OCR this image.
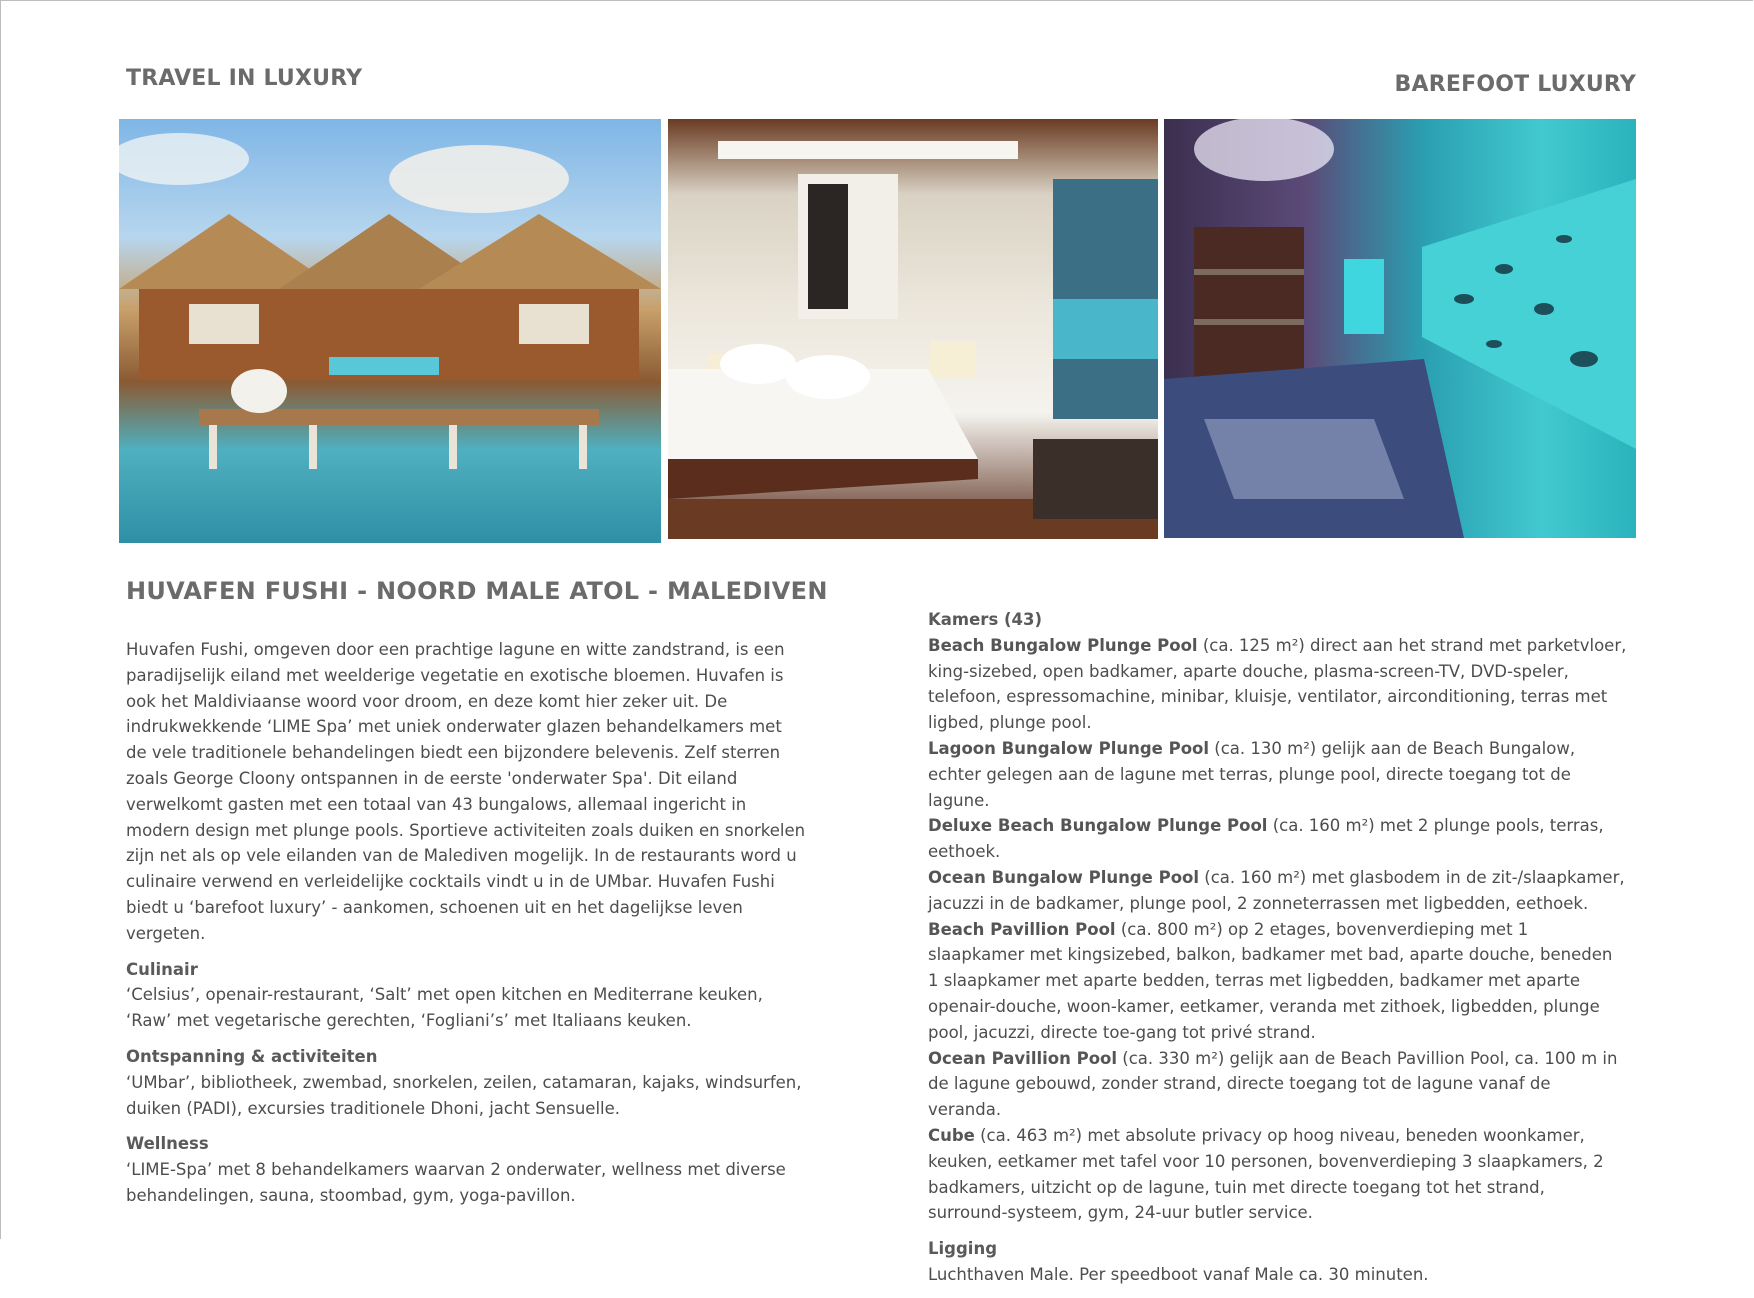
TRAVEL IN LUXURY	BAREFOOT LUXURY
HUVAFEN FUSHI - NOORD MALE ATOL - MALEDIVEN

Huvafen Fushi, omgeven door een prachtige lagune en witte zandstrand, is een paradijselijk eiland met weelderige vegetatie en exotische bloemen. Huvafen is ook het Maldiviaanse woord voor droom, en deze komt hier zeker uit. De indrukwekkende ‘LIME Spa’ met uniek onderwater glazen behandelkamers met de vele traditionele behandelingen biedt een bijzondere belevenis. Zelf sterren zoals George Cloony ontspannen in de eerste 'onderwater Spa'. Dit eiland verwelkomt gasten met een totaal van 43 bungalows, allemaal ingericht in modern design met plunge pools. Sportieve activiteiten zoals duiken en snorkelen zijn net als op vele eilanden van de Malediven mogelijk. In de restaurants word u culinaire verwend en verleidelijke cocktails vindt u in de UMbar. Huvafen Fushi biedt u ‘barefoot luxury’ - aankomen, schoenen uit en het dagelijkse leven vergeten.

Culinair

‘Celsius’, openair-restaurant, ‘Salt’ met open kitchen en Mediterrane keuken, ‘Raw’ met vegetarische gerechten, ‘Fogliani’s’ met Italiaans keuken.

Ontspanning & activiteiten

‘UMbar’, bibliotheek, zwembad, snorkelen, zeilen, catamaran, kajaks, windsurfen, duiken (PADI), excursies traditionele Dhoni, jacht Sensuelle.

Wellness

‘LIME-Spa’ met 8 behandelkamers waarvan 2 onderwater, wellness met diverse behandelingen, sauna, stoombad, gym, yoga-pavillon.

Kamers (43)

Beach Bungalow Plunge Pool (ca. 125 m²) direct aan het strand met parketvloer, king-sizebed, open badkamer, aparte douche, plasma-screen-TV, DVD-speler, telefoon, espressomachine, minibar, kluisje, ventilator, airconditioning, terras met ligbed, plunge pool.

Lagoon Bungalow Plunge Pool (ca. 130 m²) gelijk aan de Beach Bungalow, echter gelegen aan de lagune met terras, plunge pool, directe toegang tot de lagune.

Deluxe Beach Bungalow Plunge Pool (ca. 160 m²) met 2 plunge pools, terras, eethoek.

Ocean Bungalow Plunge Pool (ca. 160 m²) met glasbodem in de zit-/slaapkamer, jacuzzi in de badkamer, plunge pool, 2 zonneterrassen met ligbedden, eethoek.

Beach Pavillion Pool (ca. 800 m²) op 2 etages, bovenverdieping met 1 slaapkamer met kingsizebed, balkon, badkamer met bad, aparte douche, beneden 1 slaapkamer met aparte bedden, terras met ligbedden, badkamer met aparte openair-douche, woon-kamer, eetkamer, veranda met zithoek, ligbedden, plunge pool, jacuzzi, directe toe-gang tot privé strand.

Ocean Pavillion Pool (ca. 330 m²) gelijk aan de Beach Pavillion Pool, ca. 100 m in de lagune gebouwd, zonder strand, directe toegang tot de lagune vanaf de veranda.

Cube (ca. 463 m²) met absolute privacy op hoog niveau, beneden woonkamer, keuken, eetkamer met tafel voor 10 personen, bovenverdieping 3 slaapkamers, 2 badkamers, uitzicht op de lagune, tuin met directe toegang tot het strand, surround-systeem, gym, 24-uur butler service.

Ligging

Luchthaven Male. Per speedboot vanaf Male ca. 30 minuten.
